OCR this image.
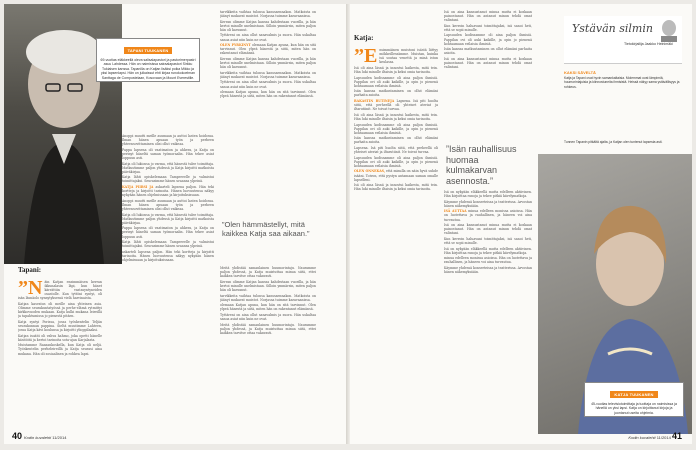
TAPANI TUUKANEN
69-vuotias eläkkeellä oleva salisalapastori ja pastorimerpastri asuu Lahdessa. Hän on naimisissa sairaalapastori Sirkku Tukiaisen kanssa. Tapanilla on Katjan lisäksi poika Mikko ja yksi lapsenlapsi. Hän on julkaissut ehti kirjaa runokokoelman Santtaga de Compostelaan, Kosovaan ja Mount Everestille.
Tapani:
”N äin Katjan ensimmäisen kerran ikkunalasin läpi, kun hänet kärrättiin vastasyntyneiden osastolle. Kun tyttöni syntyi, oli isän läsnäolo synnytyksessä vielä harvinaista.

Katjan kasvatus oli meille aina yhteinen asia. Olimme seurakuntatyössä ja perhe-elämä rytmittyi kirkkovuoden mukaan. Katja kulki mukana leireillä ja tapahtumissa jo pienestä pitäen.

Katja syntyi Porissa, jossa työskentelin Teljän seurakunnan pappina. Sieltä muutimme Lahteen, jossa Katja kävi koulunsa ja kirjoitti ylioppilaaksi.

Katjan isoäiti oli vahva hahmo, joka opetti hänelle käsitöitä ja kertoi tarinoita sota-ajan Karjalasta.

Muistamme Raasankoskella, kun Katja oli neljä. Työskentelin perheleireillä ja Katja seurasi aina mukana. Hän oli sosiaalinen ja rohkea lapsi.

Anoppi muutti meille asumaan ja auttoi lasten hoidossa. Ilman hänen apuaan työn ja perheen yhteensovittaminen olisi ollut vaikeaa.

Pappa lapsena oli vaatimaton ja ahkera, ja Katja on perinyt häneltä saman työmoraalin. Hän tekee asiat loppuun asti.

Katja oli lukiossa jo varma, että hänestä tulee toimittaja. Matkustimme paljon yhdessä ja Katja kirjoitti matkoista päiväkirjaa.

Katja lähti opiskelemaan Tampereelle ja valmistui toimittajaksi. Seurasimme hänen uraansa ylpeinä.

KATJA PIIRSI JA askarteli lapsena paljon. Hän teki kortteja ja kirjoitti tarinoita. Hänen luovuutensa näkyy nykyään hänen ohjelmissaan ja kirjoituksissaan.

Anoppi muutti meille asumaan ja auttoi lasten hoidossa. Ilman hänen apuaan työn ja perheen yhteensovittaminen olisi ollut vaikeaa.

Katja oli lukiossa jo varma, että hänestä tulee toimittaja. Matkustimme paljon yhdessä ja Katja kirjoitti matkoista päiväkirjaa.

Pappa lapsena oli vaatimaton ja ahkera, ja Katja on perinyt häneltä saman työmoraalin. Hän tekee asiat loppuun asti.

Katja lähti opiskelemaan Tampereelle ja valmistui toimittajaksi. Seurasimme hänen uraansa ylpeinä.

askarteli lapsena paljon. Hän teki kortteja ja kirjoitti tarinoita. Hänen luovuutensa näkyy nykyään hänen ohjelmissaan ja kirjoituksissaan.

tarvikkeita vaihtaa tulonsa kanssaennakon. Matkoista on jäänyt mukavat muistot. Norjassa tuimme karavaanissa.

Kerran olimme Katjan kanssa kahdestaan vuorilla, ja hän kertoi minulle unelmistaan. Silloin ymmärsin, miten paljon hän oli kasvanut.

Tyttäreni on aina ollut sanavalmis ja suora. Hän uskaltaa sanoa asiat niin kuin ne ovat.

OLEN PYRKINYT olemaan Katjan apuna, kun hän on sitä tarvinnut. Olen ylpeä hänestä ja siitä, miten hän on rakentanut elämänsä.

Kerran olimme Katjan kanssa kahdestaan vuorilla, ja hän kertoi minulle unelmistaan. Silloin ymmärsin, miten paljon hän oli kasvanut.

tarvikkeita vaihtaa tulonsa kanssaennakon. Matkoista on jäänyt mukavat muistot. Norjassa tuimme karavaanissa.

Tyttäreni on aina ollut sanavalmis ja suora. Hän uskaltaa sanoa asiat niin kuin ne ovat.

olemaan Katjan apuna, kun hän on sitä tarvinnut. Olen ylpeä hänestä ja siitä, miten hän on rakentanut elämänsä.

”Olen hämmästellyt, mitä kaikkea Katja saa aikaan.”

Meitä yhdistää samanlainen huumorintaju. Nauramme paljon yhdessä, ja Katja muistuttaa minua siitä, ettei kaikkea tarvitse ottaa vakavasti.

Kerran olimme Katjan kanssa kahdestaan vuorilla, ja hän kertoi minulle unelmistaan. Silloin ymmärsin, miten paljon hän oli kasvanut.

tarvikkeita vaihtaa tulonsa kanssaennakon. Matkoista on jäänyt mukavat muistot. Norjassa tuimme karavaanissa.

olemaan Katjan apuna, kun hän on sitä tarvinnut. Olen ylpeä hänestä ja siitä, miten hän on rakentanut elämänsä.

Tyttäreni on aina ollut sanavalmis ja suora. Hän uskaltaa sanoa asiat niin kuin ne ovat.

Meitä yhdistää samanlainen huumorintaju. Nauramme paljon yhdessä, ja Katja muistuttaa minua siitä, ettei kaikkea tarvitse ottaa vakavasti.

40 Kodin kuvalehti 11/2014
Katja:
”E nsimmäinen muistoni isästä liittyy mökkeillessämme. Muistan, kuinka isä soutaa venettä ja minä istun keulassa.

Isä oli aina läsnä ja innostui kaikesta, mitä tein. Hän luki minulle iltaisin ja keksi omia tarinoita.

Lapsuuden kodissamme oli aina paljon ihmisiä. Pappilan ovi oli auki kaikille, ja opin jo pienenä kohtaamaan erilaisia ihmisiä.

Isän kanssa matkustaminen on ollut elämäni parhaita asioita.

RAKASTIN RUTINEJA Lapsena. Isä piti huolta siitä, että perheellä oli yhteiset ateriat ja iltarutiinit. Ne toivat turvaa.

Isä oli aina läsnä ja innostui kaikesta, mitä tein. Hän luki minulle iltaisin ja keksi omia tarinoita.

Lapsuuden kodissamme oli aina paljon ihmisiä. Pappilan ovi oli auki kaikille, ja opin jo pienenä kohtaamaan erilaisia ihmisiä.

Isän kanssa matkustaminen on ollut elämäni parhaita asioita.

Lapsena. Isä piti huolta siitä, että perheellä oli yhteiset ateriat ja iltarutiinit. Ne toivat turvaa.

Lapsuuden kodissamme oli aina paljon ihmisiä. Pappilan ovi oli auki kaikille, ja opin jo pienenä kohtaamaan erilaisia ihmisiä.

OLEN ONNEKAS, että minulla on näin hyvä suhde isääni. Toivon, että pystyn antamaan saman omalle lapselleni.

Isä oli aina läsnä ja innostui kaikesta, mitä tein. Hän luki minulle iltaisin ja keksi omia tarinoita.

Isä on aina kannustanut minua mutta ei koskaan painostanut. Hän on antanut minun tehdä omat valintani.

Kun kerroin haluavani toimittajaksi, isä sanoi heti, että se sopii minulle.

Lapsuuden kodissamme oli aina paljon ihmisiä. Pappilan ovi oli auki kaikille, ja opin jo pienenä kohtaamaan erilaisia ihmisiä.

Isän kanssa matkustaminen on ollut elämäni parhaita asioita.

Isä on aina kannustanut minua mutta ei koskaan painostanut. Hän on antanut minun tehdä omat valintani.

”Isän rauhallisuus huomaa kulmakarvan asennosta.”

Isä on nykyään eläkkeellä mutta edelleen aktiivinen. Hän kirjoittaa runoja ja tekee pitkiä kävelymatkoja.

Käymme yhdessä konserteissa ja teatterissa. Arvostan hänen näkemyksiään.

ISÄ AUTTAA minua edelleen monissa asioissa. Hän on luotettava ja rauhallinen, ja häneen voi aina turvautua.

Isä on aina kannustanut minua mutta ei koskaan painostanut. Hän on antanut minun tehdä omat valintani.

Kun kerroin haluavani toimittajaksi, isä sanoi heti, että se sopii minulle.

Isä on nykyään eläkkeellä mutta edelleen aktiivinen. Hän kirjoittaa runoja ja tekee pitkiä kävelymatkoja.

minua edelleen monissa asioissa. Hän on luotettava ja rauhallinen, ja häneen voi aina turvautua.

Käymme yhdessä konserteissa ja teatterissa. Arvostan hänen näkemyksiään.

Ystävän silmin
Tietokirjailija Jaakko Heinimäki
KAKSI SÄVELTÄ
Katja ja Tapani ovat hyvin samankaltaisia. Molemmat ovat lämpimiä, huumorintajuisia ja kiinnostuneita ihmisistä. Heissä näkyy sama ystävällisyys ja rohkeus.
Tunnen Tapanin pitkältä ajalta, ja Katjan olen tuntenut lapsesta asti.
KATJA TUUKANEN
45-vuotias televisiotoimittaja ja tuottaja on naimisissa ja hänellä on yksi lapsi. Katja on kirjoittanut kirjoja ja juontanut useita ohjelmia.
Kodin kuvalehti 11/2014 41
